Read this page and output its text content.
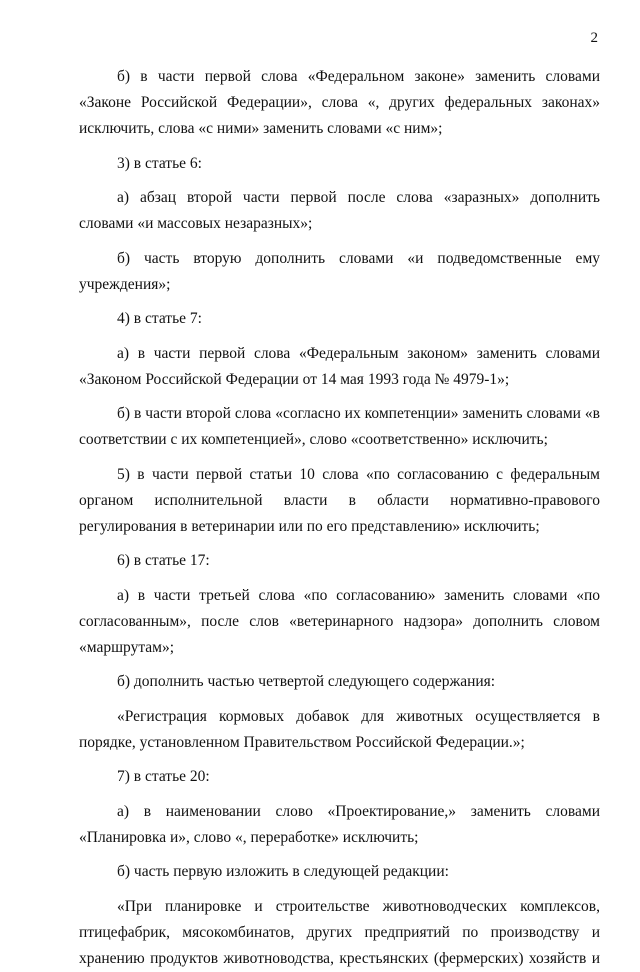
2

б) в части первой слова «Федеральном законе» заменить словами «Законе Российской Федерации», слова «, других федеральных законах» исключить, слова «с ними» заменить словами «с ним»;

3) в статье 6:

а) абзац второй части первой после слова «заразных» дополнить словами «и массовых незаразных»;

б) часть вторую дополнить словами «и подведомственные ему учреждения»;

4) в статье 7:

а) в части первой слова «Федеральным законом» заменить словами «Законом Российской Федерации от 14 мая 1993 года № 4979-1»;

б) в части второй слова «согласно их компетенции» заменить словами «в соответствии с их компетенцией», слово «соответственно» исключить;

5) в части первой статьи 10 слова «по согласованию с федеральным органом исполнительной власти в области нормативно-правового регулирования в ветеринарии или по его представлению» исключить;

6) в статье 17:

а) в части третьей слова «по согласованию» заменить словами «по согласованным», после слов «ветеринарного надзора» дополнить словом «маршрутам»;

б) дополнить частью четвертой следующего содержания:

«Регистрация кормовых добавок для животных осуществляется в порядке, установленном Правительством Российской Федерации.»;

7) в статье 20:

а) в наименовании слово «Проектирование,» заменить словами «Планировка и», слово «, переработке» исключить;

б) часть первую изложить в следующей редакции:

«При планировке и строительстве животноводческих комплексов, птицефабрик, мясокомбинатов, других предприятий по производству и хранению продуктов животноводства, крестьянских (фермерских) хозяйств и
